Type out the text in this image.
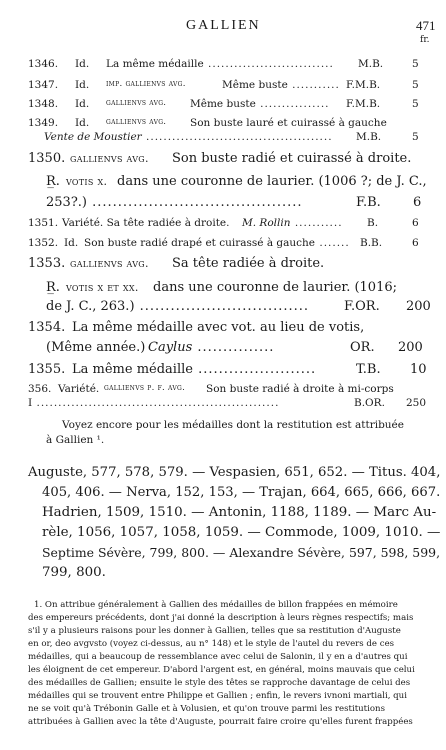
GALLIEN	471
fr.
1346. Id. La même médaille ............................. M.B.	5
1347. Id. imp. gallienvs avg.	Même buste ........... F.M.B.	5
1348. Id. gallienvs avg. Même buste ................ F.M.B.	5
1349. Id. gallienvs avg. Son buste lauré et cuirassé à gauche
Vente de Moustier ........................................... M.B.	5
1350. gallienvs avg. Son buste radié et cuirassé à droite.
R̲. votis x. dans une couronne de laurier. (1006 ?; de J. C.,
253?.) .........................................	F.B. 6
1351. Variété. Sa tête radiée à droite. M. Rollin ........... B.	6
1352. Id. Son buste radié drapé et cuirassé à gauche ....... B.B.	6
1353. gallienvs avg. Sa tête radiée à droite.
R̲. votis x et xx. dans une couronne de laurier. (1016;
de J. C., 263.) .................................	F.OR. 200
1354. La même médaille avec vot. au lieu de votis,
(Même année.) Caylus ...............	OR. 200
1355. La même médaille .......................	T.B. 10
356. Variété. gallienvs p. f. avg. Son buste radié à droite à mi-corps
I ........................................................	B.OR. 250
Voyez encore pour les médailles dont la restitution est attribuée
à Gallien ¹.
Auguste, 577, 578, 579. — Vespasien, 651, 652. — Titus. 404,
405, 406. — Nerva, 152, 153, — Trajan, 664, 665, 666, 667.
Hadrien, 1509, 1510. — Antonin, 1188, 1189. — Marc Au-
rèle, 1056, 1057, 1058, 1059. — Commode, 1009, 1010. —
Septime Sévère, 799, 800. — Alexandre Sévère, 597, 598, 599,
799, 800.
1. On attribue généralement à Gallien des médailles de billon frappées en mémoire
des empereurs précédents, dont j'ai donné la description à leurs règnes respectifs; mais
s'il y a plusieurs raisons pour les donner à Gallien, telles que sa restitution d'Auguste
en or, deo avgvsto (voyez ci-dessus, au n° 148) et le style de l'autel du revers de ces
médailles, qui a beaucoup de ressemblance avec celui de Salonin, il y en a d'autres qui
les éloignent de cet empereur. D'abord l'argent est, en général, moins mauvais que celui
des médailles de Gallien; ensuite le style des têtes se rapproche davantage de celui des
médailles qui se trouvent entre Philippe et Gallien ; enfin, le revers ivnoni martiali, qui
ne se voit qu'à Trébonin Galle et à Volusien, et qu'on trouve parmi les restitutions
attribuées à Gallien avec la tête d'Auguste, pourrait faire croire qu'elles furent frappées
